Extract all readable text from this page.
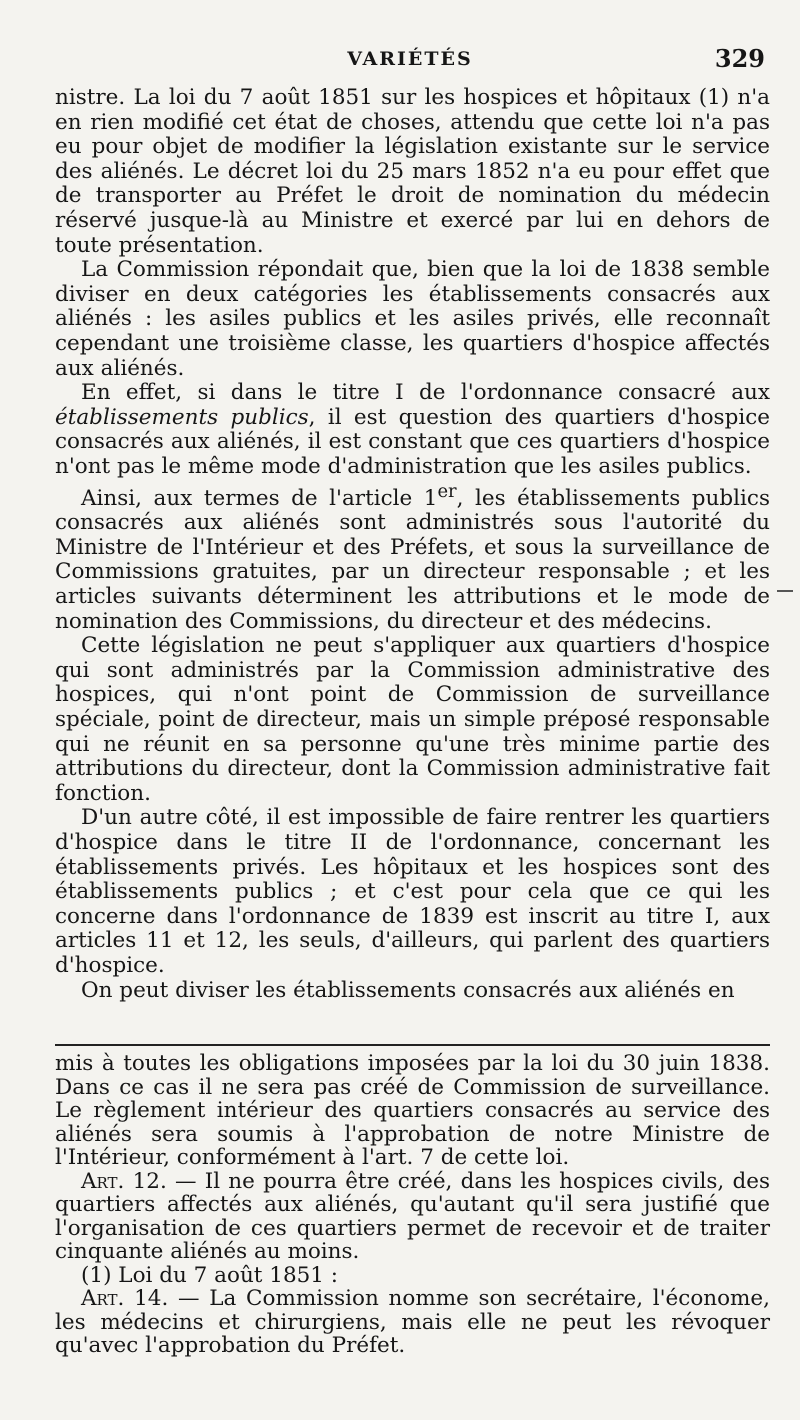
VARIÉTÉS	329

nistre. La loi du 7 août 1851 sur les hospices et hôpitaux (1) n'a en rien modifié cet état de choses, attendu que cette loi n'a pas eu pour objet de modifier la législation existante sur le service des aliénés. Le décret loi du 25 mars 1852 n'a eu pour effet que de transporter au Préfet le droit de nomination du médecin réservé jusque-là au Ministre et exercé par lui en dehors de toute présentation.

La Commission répondait que, bien que la loi de 1838 semble diviser en deux catégories les établissements consacrés aux aliénés : les asiles publics et les asiles privés, elle reconnaît cependant une troisième classe, les quartiers d'hospice affectés aux aliénés.

En effet, si dans le titre I de l'ordonnance consacré aux établissements publics, il est question des quartiers d'hospice consacrés aux aliénés, il est constant que ces quartiers d'hospice n'ont pas le même mode d'administration que les asiles publics.

Ainsi, aux termes de l'article 1er, les établissements publics consacrés aux aliénés sont administrés sous l'autorité du Ministre de l'Intérieur et des Préfets, et sous la surveillance de Commissions gratuites, par un directeur responsable ; et les articles suivants déterminent les attributions et le mode de nomination des Commissions, du directeur et des médecins.

Cette législation ne peut s'appliquer aux quartiers d'hospice qui sont administrés par la Commission administrative des hospices, qui n'ont point de Commission de surveillance spéciale, point de directeur, mais un simple préposé responsable qui ne réunit en sa personne qu'une très minime partie des attributions du directeur, dont la Commission administrative fait fonction.

D'un autre côté, il est impossible de faire rentrer les quartiers d'hospice dans le titre II de l'ordonnance, concernant les établissements privés. Les hôpitaux et les hospices sont des établissements publics ; et c'est pour cela que ce qui les concerne dans l'ordonnance de 1839 est inscrit au titre I, aux articles 11 et 12, les seuls, d'ailleurs, qui parlent des quartiers d'hospice.

On peut diviser les établissements consacrés aux aliénés en

mis à toutes les obligations imposées par la loi du 30 juin 1838. Dans ce cas il ne sera pas créé de Commission de surveillance. Le règlement intérieur des quartiers consacrés au service des aliénés sera soumis à l'approbation de notre Ministre de l'Intérieur, conformément à l'art. 7 de cette loi.

Art. 12. — Il ne pourra être créé, dans les hospices civils, des quartiers affectés aux aliénés, qu'autant qu'il sera justifié que l'organisation de ces quartiers permet de recevoir et de traiter cinquante aliénés au moins.

(1) Loi du 7 août 1851 :

Art. 14. — La Commission nomme son secrétaire, l'économe, les médecins et chirurgiens, mais elle ne peut les révoquer qu'avec l'approbation du Préfet.
